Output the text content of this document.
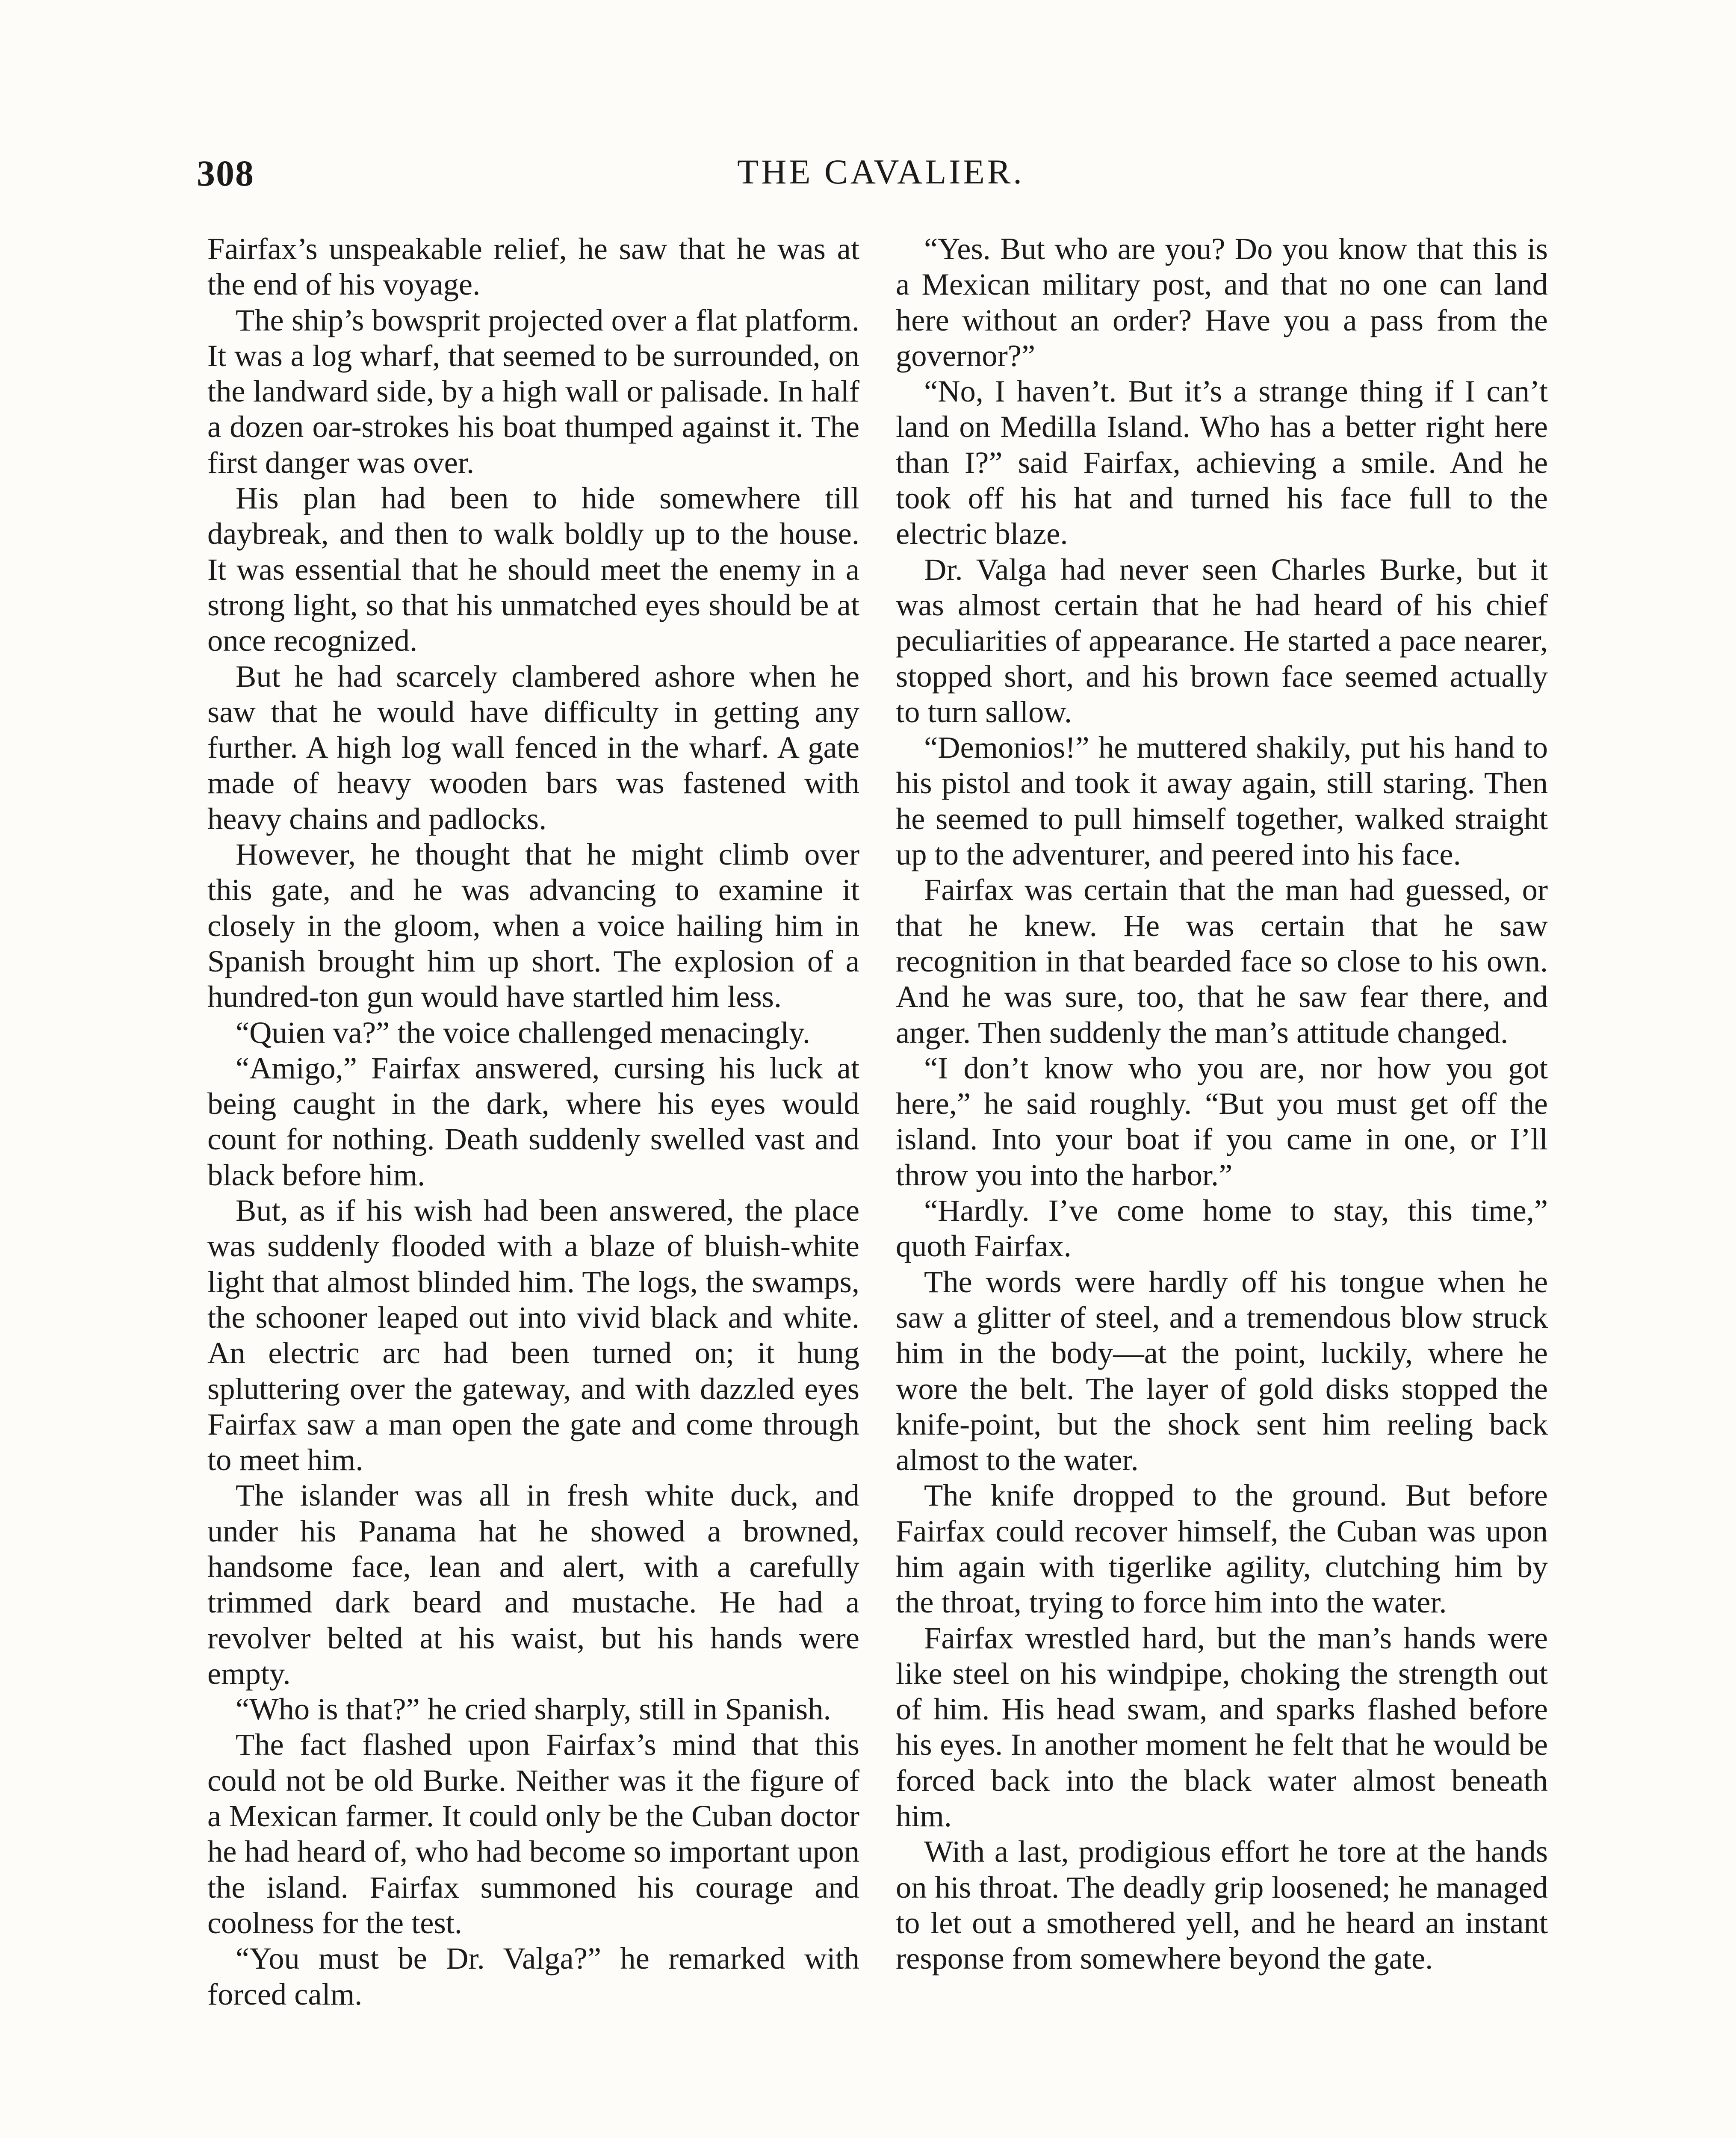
308	THE CAVALIER.

Fairfax’s unspeakable relief, he saw that he was at the end of his voyage.

The ship’s bowsprit projected over a flat platform. It was a log wharf, that seemed to be surrounded, on the landward side, by a high wall or palisade. In half a dozen oar-strokes his boat thumped against it. The first danger was over.

His plan had been to hide somewhere till daybreak, and then to walk boldly up to the house. It was essential that he should meet the enemy in a strong light, so that his unmatched eyes should be at once recognized.

But he had scarcely clambered ashore when he saw that he would have difficulty in getting any further. A high log wall fenced in the wharf. A gate made of heavy wooden bars was fastened with heavy chains and padlocks.

However, he thought that he might climb over this gate, and he was advancing to examine it closely in the gloom, when a voice hailing him in Spanish brought him up short. The explosion of a hundred-ton gun would have startled him less.

“Quien va?” the voice challenged menacingly.

“Amigo,” Fairfax answered, cursing his luck at being caught in the dark, where his eyes would count for nothing. Death suddenly swelled vast and black before him.

But, as if his wish had been answered, the place was suddenly flooded with a blaze of bluish-white light that almost blinded him. The logs, the swamps, the schooner leaped out into vivid black and white. An electric arc had been turned on; it hung spluttering over the gateway, and with dazzled eyes Fairfax saw a man open the gate and come through to meet him.

The islander was all in fresh white duck, and under his Panama hat he showed a browned, handsome face, lean and alert, with a carefully trimmed dark beard and mustache. He had a revolver belted at his waist, but his hands were empty.

“Who is that?” he cried sharply, still in Spanish.

The fact flashed upon Fairfax’s mind that this could not be old Burke. Neither was it the figure of a Mexican farmer. It could only be the Cuban doctor he had heard of, who had become so important upon the island. Fairfax summoned his courage and coolness for the test.

“You must be Dr. Valga?” he remarked with forced calm.

“Yes. But who are you? Do you know that this is a Mexican military post, and that no one can land here without an order? Have you a pass from the governor?”

“No, I haven’t. But it’s a strange thing if I can’t land on Medilla Island. Who has a better right here than I?” said Fairfax, achieving a smile. And he took off his hat and turned his face full to the electric blaze.

Dr. Valga had never seen Charles Burke, but it was almost certain that he had heard of his chief peculiarities of appearance. He started a pace nearer, stopped short, and his brown face seemed actually to turn sallow.

“Demonios!” he muttered shakily, put his hand to his pistol and took it away again, still staring. Then he seemed to pull himself together, walked straight up to the adventurer, and peered into his face.

Fairfax was certain that the man had guessed, or that he knew. He was certain that he saw recognition in that bearded face so close to his own. And he was sure, too, that he saw fear there, and anger. Then suddenly the man’s attitude changed.

“I don’t know who you are, nor how you got here,” he said roughly. “But you must get off the island. Into your boat if you came in one, or I’ll throw you into the harbor.”

“Hardly. I’ve come home to stay, this time,” quoth Fairfax.

The words were hardly off his tongue when he saw a glitter of steel, and a tremendous blow struck him in the body—at the point, luckily, where he wore the belt. The layer of gold disks stopped the knife-point, but the shock sent him reeling back almost to the water.

The knife dropped to the ground. But before Fairfax could recover himself, the Cuban was upon him again with tigerlike agility, clutching him by the throat, trying to force him into the water.

Fairfax wrestled hard, but the man’s hands were like steel on his windpipe, choking the strength out of him. His head swam, and sparks flashed before his eyes. In another moment he felt that he would be forced back into the black water almost beneath him.

With a last, prodigious effort he tore at the hands on his throat. The deadly grip loosened; he managed to let out a smothered yell, and he heard an instant response from somewhere beyond the gate.
